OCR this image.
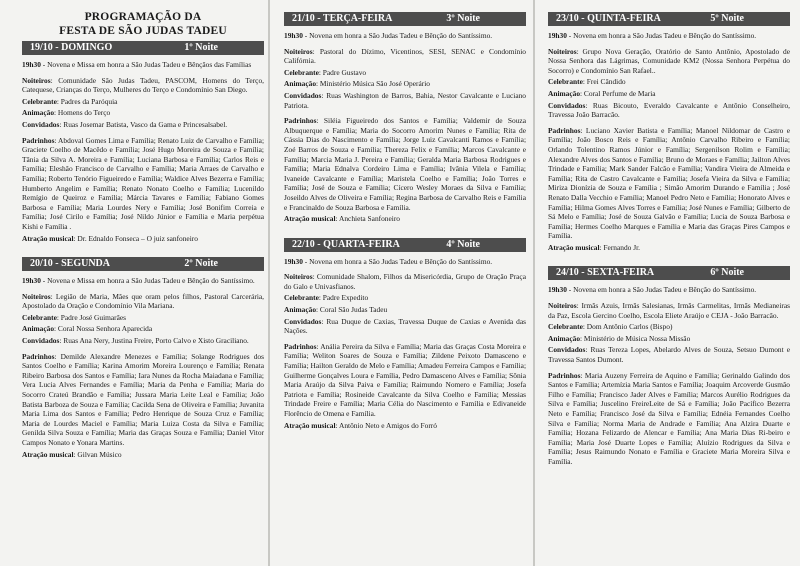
PROGRAMAÇÃO DA
FESTA DE SÃO JUDAS TADEU
19/10 - DOMINGO	1º Noite
19h30 - Novena e Missa em honra a São Judas Tadeu e Bênçãos das Famílias
Noiteiros: Comunidade São Judas Tadeu, PASCOM, Homens do Terço, Catequese, Crianças do Terço, Mulheres do Terço e Condomínio San Diego.
Celebrante: Padres da Paróquia
Animação: Homens do Terço
Convidados: Ruas Josemar Batista, Vasco da Gama e Princesalsabel.
Padrinhos: Abdoval Gomes Lima e Família; Renato Luiz de Carvalho e Família; Graciete Coelho de Macêdo e Família; José Hugo Moreira de Souza e Família; Tânia da Silva A. Moreira e Família; Luciana Barbosa e Família; Carlos Reis e Família; Eleshão Francisco de Carvalho e Família; Maria Arraes de Carvalho e Família; Roberto Tenório Figueiredo e Família; Waldice Alves Bezerra e Família; Humberto Angelim e Família; Renato Nonato Coelho e Família; Lucenildo Remígio de Queiroz e Família; Márcia Tavares e Família; Fabiano Gomes Barbosa e Família; Maria Lourdes Nery e Família; José Bonifim Correia e Família; José Cirilo e Família; José Nildo Júnior e Família e Maria perpétua Kishi e Família .
Atração musical: Dr. Ednaldo Fonseca – O juiz sanfoneiro
20/10 - SEGUNDA	2º Noite
19h30 - Novena e Missa em honra a São Judas Tadeu e Bênção do Santíssimo.
Noiteiros: Legião de Maria, Mães que oram pelos filhos, Pastoral Carcerária, Apostolado da Oração e Condomínio Vila Mariana.
Celebrante: Padre José Guimarães
Animação: Coral Nossa Senhora Aparecida
Convidados: Ruas Ana Nery, Justina Freire, Porto Calvo e Xisto Graciliano.
Padrinhos: Demilde Alexandre Menezes e Família; Solange Rodrigues dos Santos Coelho e Família; Karina Amorim Moreira Lourenço e Família; Renata Ribeiro Barbosa dos Santos e Família; Iara Nunes da Rocha Maiadana e Família; Vera Lucia Alves Fernandes e Família; Maria da Penha e Família; Maria do Socorro Crateú Brandão e Família; Jussara Maria Leite Leal e Família; João Batista Barboza de Souza e Família; Cacilda Sena de Oliveira e Família; Juvanita Maria Lima dos Santos e Família; Pedro Henrique de Souza Cruz e Família; Maria de Lourdes Maciel e Família; Maria Luiza Costa da Silva e Família; Genilda Silva Souza e Família; Maria das Graças Souza e Família; Daniel Vitor Campos Nonato e Yonara Martins.
Atração musical: Gilvan Músico
21/10 - TERÇA-FEIRA	3º Noite
19h30 - Novena em honra a São Judas Tadeu e Bênção do Santíssimo.
Noiteiros: Pastoral do Dízimo, Vicentinos, SESI, SENAC e Condomínio Califórnia.
Celebrante: Padre Gustavo
Animação: Ministério Música São José Operário
Convidados: Ruas Washington de Barros, Bahia, Nestor Cavalcante e Luciano Patriota.
Padrinhos: Siléia Figueiredo dos Santos e Família; Valdemir de Souza Albuquerque e Família; Maria do Socorro Amorim Nunes e Família; Rita de Cássia Dias do Nascimento e Família; Jorge Luiz Cavalcanti Ramos e Família; Zoé Barros de Souza e Família; Thereza Felix e Família; Marcos Cavalcante e Família; Marcia Maria J. Pereira e Família; Geralda Maria Barbosa Rodrigues e Família; Maria Ednalva Cordeiro Lima e Família; Ivânia Vilela e Família; Ivaneide Cavalcante e Família; Maristela Coelho e Família; João Torres e Família; José de Souza e Família; Cícero Wesley Moraes da Silva e Família; Joseildo Alves de Oliveira e Família; Regina Barbosa de Carvalho Reis e Família e Francinaldo de Souza Barbosa e Família.
Atração musical: Anchieta Sanfoneiro
22/10 - QUARTA-FEIRA	4º Noite
19h30 - Novena em honra a São Judas Tadeu e Bênção do Santíssimo.
Noiteiros: Comunidade Shalom, Filhos da Misericórdia, Grupo de Oração Praça do Galo e Univasfianos.
Celebrante: Padre Expedito
Animação: Coral São Judas Tadeu
Convidados: Rua Duque de Caxias, Travessa Duque de Caxias e Avenida das Nações.
Padrinhos: Anália Pereira da Silva e Família; Maria das Graças Costa Moreira e Família; Weliton Soares de Souza e Família; Zildene Peixoto Damasceno e Família; Hailton Geraldo de Melo e Família; Amadeu Ferreira Campos e Família; Guilherme Gonçalves Loura e Família, Pedro Damasceno Alves e Família; Sônia Maria Araújo da Silva Paiva e Família; Raimundo Nomero e Família; Josefa Patriota e Família; Rosineide Cavalcante da Silva Coelho e Família; Messias Trindade Freire e Família; Maria Célia do Nascimento e Família e Edivaneide Florêncio de Omena e Família.
Atração musical: Antônio Neto e Amigos do Forró
23/10 - QUINTA-FEIRA	5º Noite
19h30 - Novena em honra a São Judas Tadeu e Bênção do Santíssimo.
Noiteiros: Grupo Nova Geração, Oratório de Santo Antônio, Apostolado de Nossa Senhora das Lágrimas, Comunidade KM2 (Nossa Senhora Perpétua do Socorro) e Condomínio San Rafael..
Celebrante: Frei Cândido
Animação: Coral Perfume de Maria
Convidados: Ruas Bicouto, Everaldo Cavalcante e Antônio Conselheiro, Travessa João Barracão.
Padrinhos: Luciano Xavier Batista e Família; Manoel Nildomar de Castro e Família; João Bosco Reis e Família; Antônio Carvalho Ribeiro e Família; Orlando Tolentino Ramos Júnior e Família; Sergenilson Rolim e Família; Alexandre Alves dos Santos e Família; Bruno de Moraes e Família; Jailton Alves Trindade e Família; Mark Sander Falcão e Família; Vandira Vieira de Almeida e Família; Rita de Castro Cavalcante e Família; Josefa Vieira da Silva e Família; Miriza Dionízia de Souza e Família ; Simão Amorim Durando e Família ; José Renato Dalla Vecchio e Família; Manoel Pedro Neto e Família; Honorato Alves e Família; Hilma Gomes Alves Torres e Família; José Nunes e Família; Gilberto de Sá Melo e Família; José de Souza Galvão e Família; Lucia de Souza Barbosa e Família; Hermes Coelho Marques e Família e Maria das Graças Pires Campos e Família.
Atração musical: Fernando Jr.
24/10 - SEXTA-FEIRA	6º Noite
19h30 - Novena em honra a São Judas Tadeu e Bênção do Santíssimo.
Noiteiros: Irmãs Azuis, Irmãs Salesianas, Irmãs Carmelitas, Irmãs Medianeiras da Paz, Escola Gercino Coelho, Escola Eliete Araújo e CEJA - João Barracão.
Celebrante: Dom Antônio Carlos (Bispo)
Animação: Ministério de Música Nossa Missão
Convidados: Ruas Tereza Lopes, Abelardo Alves de Souza, Setsuo Dumont e Travessa Santos Dumont.
Padrinhos: Maria Auzeny Ferreira de Aquino e Família; Gerinaldo Galindo dos Santos e Família; Artemízia Maria Santos e Família; Joaquim Arcoverde Gusmão Filho e Família; Francisco Jader Alves e Família; Marcos Aurélio Rodrigues da Silva e Família; Juscelino FreireLeite de Sá e Família; João Pacífico Bezerra Neto e Família; Francisco José da Silva e Família; Ednéia Fernandes Coelho Silva e Família; Norma Maria de Andrade e Família; Ana Alzira Duarte e Família; Hozana Felizardo de Alencar e Família; Ana Maria Dias Ri-beiro e Família; Maria José Duarte Lopes e Família; Aluízio Rodrigues da Silva e Família; Jesus Raimundo Nonato e Família e Graciete Maria Moreira Silva e Família.
